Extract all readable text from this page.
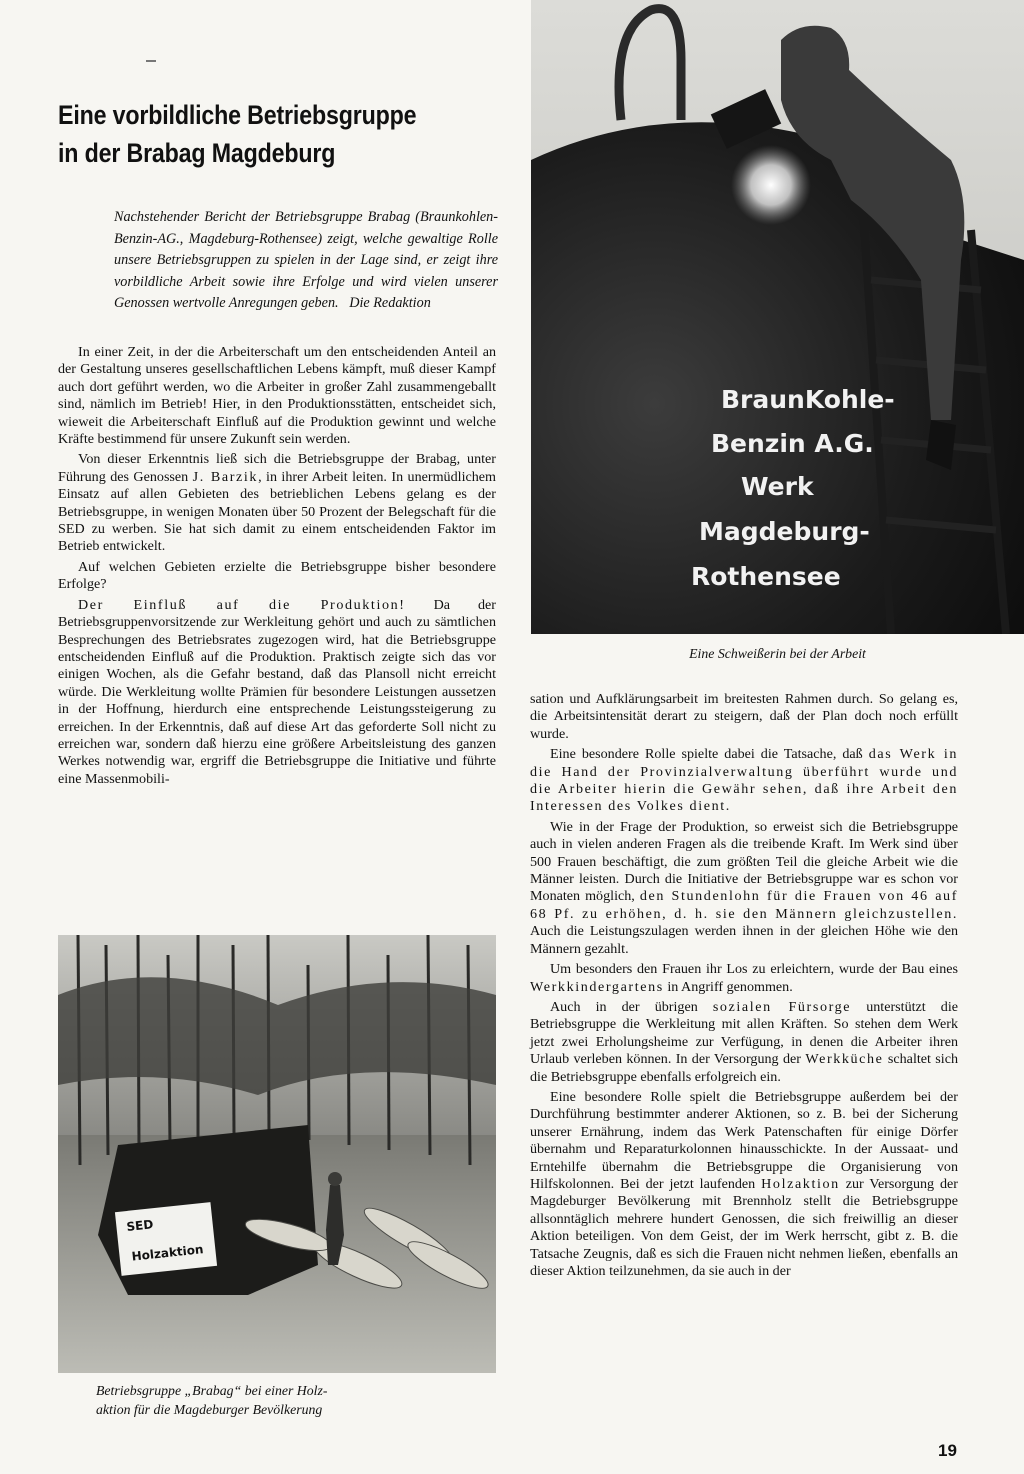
Eine vorbildliche Betriebsgruppe
in der Brabag Magdeburg

Nachstehender Bericht der Betriebsgruppe Brabag (Braunkohlen-Benzin-AG., Magdeburg-Rothensee) zeigt, welche gewaltige Rolle unsere Betriebsgruppen zu spielen in der Lage sind, er zeigt ihre vorbildliche Arbeit sowie ihre Erfolge und wird vielen unserer Genossen wertvolle Anregungen geben. Die Redaktion

In einer Zeit, in der die Arbeiterschaft um den entscheidenden Anteil an der Gestaltung unseres gesellschaftlichen Lebens kämpft, muß dieser Kampf auch dort geführt werden, wo die Arbeiter in großer Zahl zusammengeballt sind, nämlich im Betrieb! Hier, in den Produktionsstätten, entscheidet sich, wieweit die Arbeiterschaft Einfluß auf die Produktion gewinnt und welche Kräfte bestimmend für unsere Zukunft sein werden.

Von dieser Erkenntnis ließ sich die Betriebsgruppe der Brabag, unter Führung des Genossen J. Barzik, in ihrer Arbeit leiten. In unermüdlichem Einsatz auf allen Gebieten des betrieblichen Lebens gelang es der Betriebsgruppe, in wenigen Monaten über 50 Prozent der Belegschaft für die SED zu werben. Sie hat sich damit zu einem entscheidenden Faktor im Betrieb entwickelt.

Auf welchen Gebieten erzielte die Betriebsgruppe bisher besondere Erfolge?

Der Einfluß auf die Produktion! Da der Betriebsgruppenvorsitzende zur Werkleitung gehört und auch zu sämtlichen Besprechungen des Betriebsrates zugezogen wird, hat die Betriebsgruppe entscheidenden Einfluß auf die Produktion. Praktisch zeigte sich das vor einigen Wochen, als die Gefahr bestand, daß das Plansoll nicht erreicht würde. Die Werkleitung wollte Prämien für besondere Leistungen aussetzen in der Hoffnung, hierdurch eine entsprechende Leistungssteigerung zu erreichen. In der Erkenntnis, daß auf diese Art das geforderte Soll nicht zu erreichen war, sondern daß hierzu eine größere Arbeitsleistung des ganzen Werkes notwendig war, ergriff die Betriebsgruppe die Initiative und führte eine Massenmobili-

BraunKohle-
Benzin A.G.
Werk
Magdeburg-
Rothensee
Eine Schweißerin bei der Arbeit
SED
Holzaktion
Betriebsgruppe „Brabag“ bei einer Holz-
aktion für die Magdeburger Bevölkerung

sation und Aufklärungsarbeit im breitesten Rahmen durch. So gelang es, die Arbeitsintensität derart zu steigern, daß der Plan doch noch erfüllt wurde.

Eine besondere Rolle spielte dabei die Tatsache, daß das Werk in die Hand der Provinzialverwaltung überführt wurde und die Arbeiter hierin die Gewähr sehen, daß ihre Arbeit den Interessen des Volkes dient.

Wie in der Frage der Produktion, so erweist sich die Betriebsgruppe auch in vielen anderen Fragen als die treibende Kraft. Im Werk sind über 500 Frauen beschäftigt, die zum größten Teil die gleiche Arbeit wie die Männer leisten. Durch die Initiative der Betriebsgruppe war es schon vor Monaten möglich, den Stundenlohn für die Frauen von 46 auf 68 Pf. zu erhöhen, d. h. sie den Männern gleichzustellen. Auch die Leistungszulagen werden ihnen in der gleichen Höhe wie den Männern gezahlt.

Um besonders den Frauen ihr Los zu erleichtern, wurde der Bau eines Werkkindergartens in Angriff genommen.

Auch in der übrigen sozialen Fürsorge unterstützt die Betriebsgruppe die Werkleitung mit allen Kräften. So stehen dem Werk jetzt zwei Erholungsheime zur Verfügung, in denen die Arbeiter ihren Urlaub verleben können. In der Versorgung der Werkküche schaltet sich die Betriebsgruppe ebenfalls erfolgreich ein.

Eine besondere Rolle spielt die Betriebsgruppe außerdem bei der Durchführung bestimmter anderer Aktionen, so z. B. bei der Sicherung unserer Ernährung, indem das Werk Patenschaften für einige Dörfer übernahm und Reparaturkolonnen hinausschickte. In der Aussaat- und Erntehilfe übernahm die Betriebsgruppe die Organisierung von Hilfskolonnen. Bei der jetzt laufenden Holzaktion zur Versorgung der Magdeburger Bevölkerung mit Brennholz stellt die Betriebsgruppe allsonntäglich mehrere hundert Genossen, die sich freiwillig an dieser Aktion beteiligen. Von dem Geist, der im Werk herrscht, gibt z. B. die Tatsache Zeugnis, daß es sich die Frauen nicht nehmen ließen, ebenfalls an dieser Aktion teilzunehmen, da sie auch in der

19
